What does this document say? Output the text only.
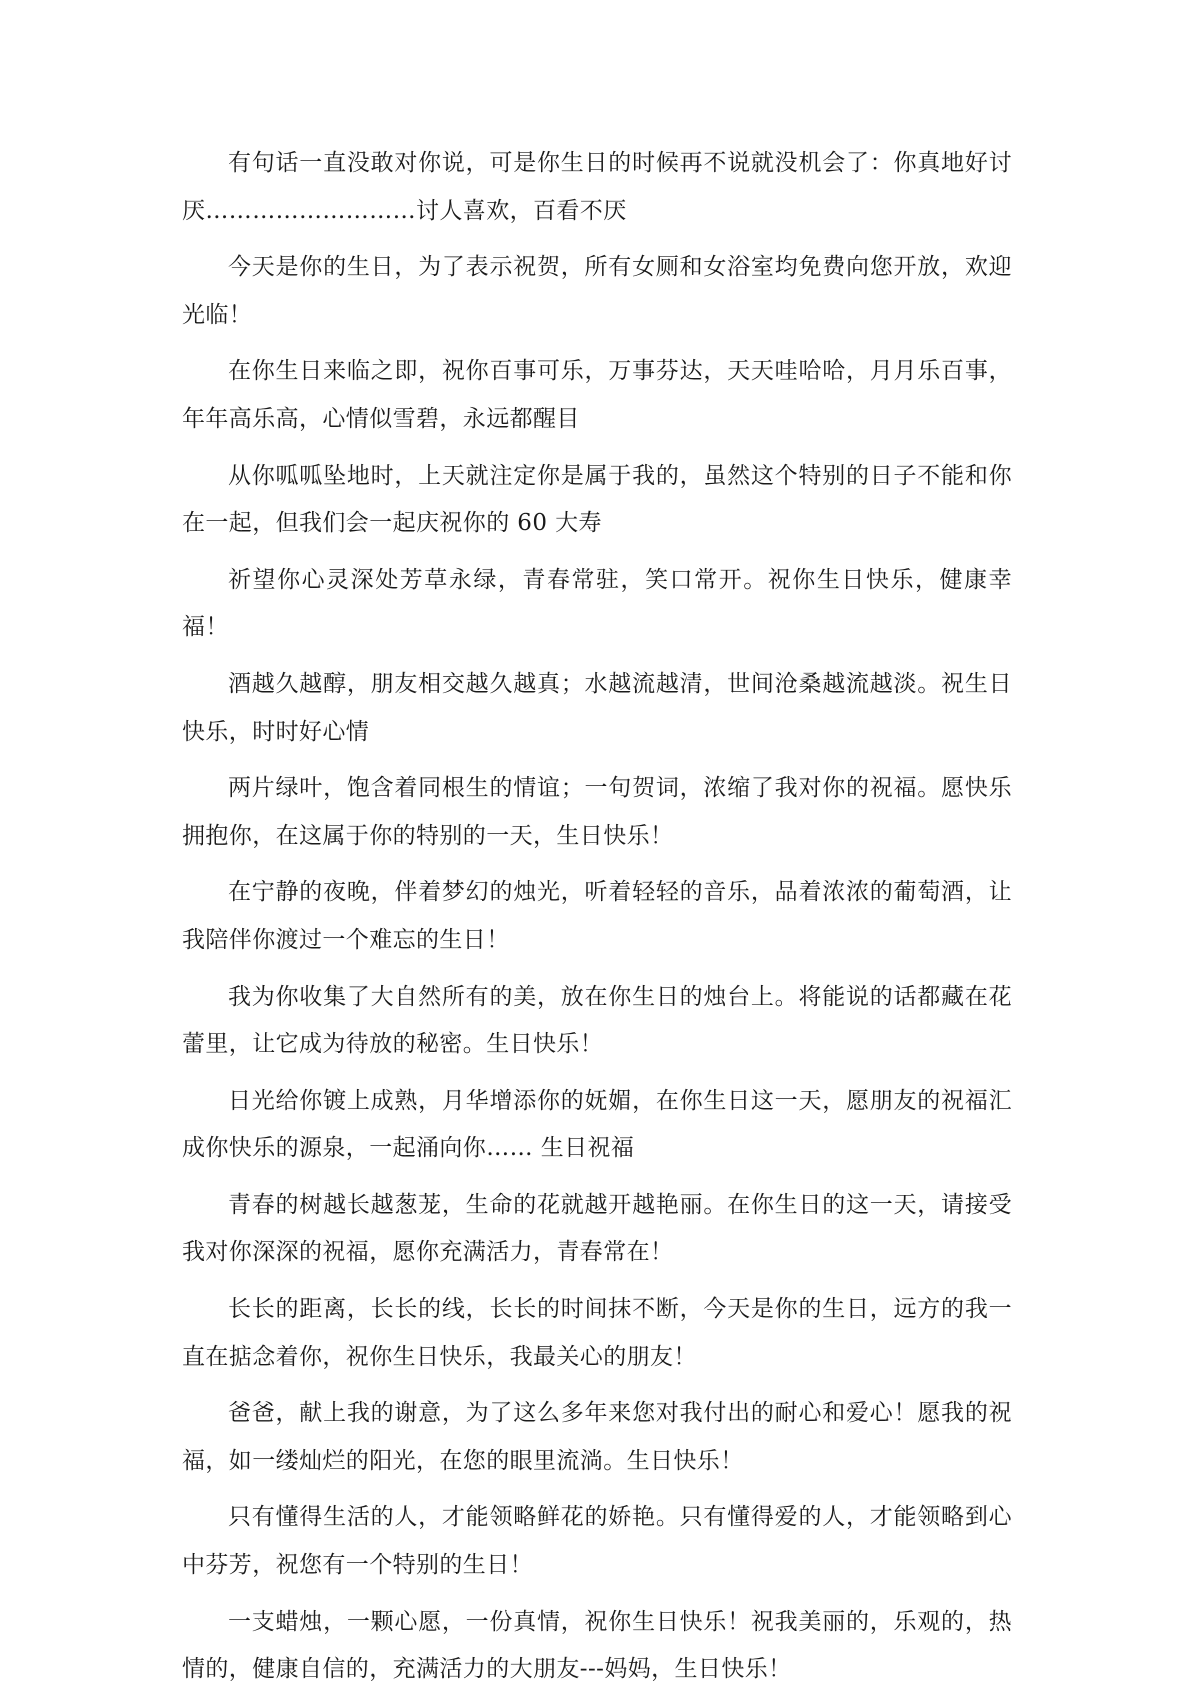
有句话一直没敢对你说，可是你生日的时候再不说就没机会了：你真地好讨厌………………………讨人喜欢，百看不厌

今天是你的生日，为了表示祝贺，所有女厕和女浴室均免费向您开放，欢迎光临！

在你生日来临之即，祝你百事可乐，万事芬达，天天哇哈哈，月月乐百事，年年高乐高，心情似雪碧，永远都醒目

从你呱呱坠地时，上天就注定你是属于我的，虽然这个特别的日子不能和你在一起，但我们会一起庆祝你的 60 大寿

祈望你心灵深处芳草永绿，青春常驻，笑口常开。祝你生日快乐，健康幸福！

酒越久越醇，朋友相交越久越真；水越流越清，世间沧桑越流越淡。祝生日快乐，时时好心情

两片绿叶，饱含着同根生的情谊；一句贺词，浓缩了我对你的祝福。愿快乐拥抱你，在这属于你的特别的一天，生日快乐！

在宁静的夜晚，伴着梦幻的烛光，听着轻轻的音乐，品着浓浓的葡萄酒，让我陪伴你渡过一个难忘的生日！

我为你收集了大自然所有的美，放在你生日的烛台上。将能说的话都藏在花蕾里，让它成为待放的秘密。生日快乐！

日光给你镀上成熟，月华增添你的妩媚，在你生日这一天，愿朋友的祝福汇成你快乐的源泉，一起涌向你…… 生日祝福

青春的树越长越葱茏，生命的花就越开越艳丽。在你生日的这一天，请接受我对你深深的祝福，愿你充满活力，青春常在！

长长的距离，长长的线，长长的时间抹不断，今天是你的生日，远方的我一直在掂念着你，祝你生日快乐，我最关心的朋友！

爸爸，献上我的谢意，为了这么多年来您对我付出的耐心和爱心！愿我的祝福，如一缕灿烂的阳光，在您的眼里流淌。生日快乐！

只有懂得生活的人，才能领略鲜花的娇艳。只有懂得爱的人，才能领略到心中芬芳，祝您有一个特别的生日！

一支蜡烛，一颗心愿，一份真情，祝你生日快乐！祝我美丽的，乐观的，热情的，健康自信的，充满活力的大朋友---妈妈，生日快乐！
